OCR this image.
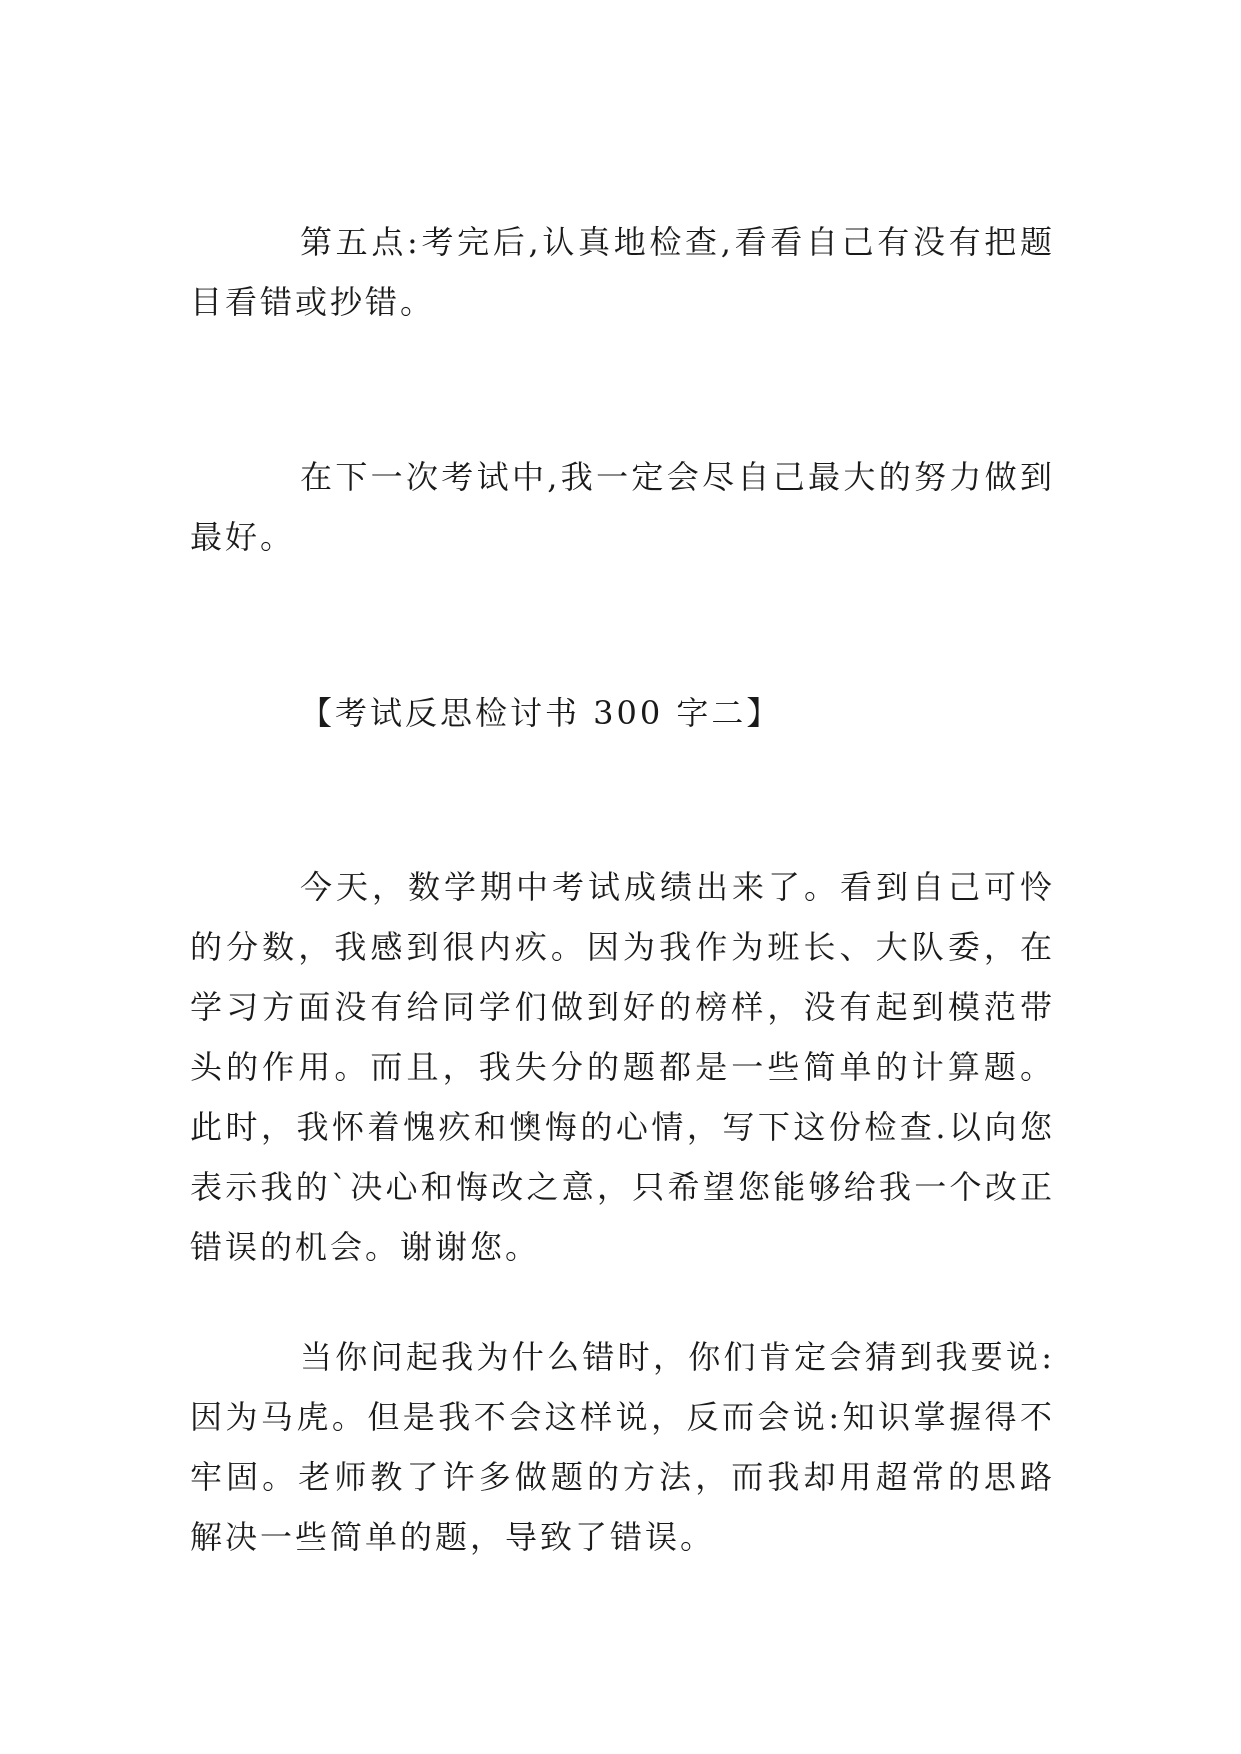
第五点:考完后,认真地检查,看看自己有没有把题目看错或抄错。

在下一次考试中,我一定会尽自己最大的努力做到最好。

【考试反思检讨书 300 字二】

今天，数学期中考试成绩出来了。看到自己可怜的分数，我感到很内疚。因为我作为班长、大队委，在学习方面没有给同学们做到好的榜样，没有起到模范带头的作用。而且，我失分的题都是一些简单的计算题。此时，我怀着愧疚和懊悔的心情，写下这份检查.以向您表示我的`决心和悔改之意，只希望您能够给我一个改正错误的机会。谢谢您。

当你问起我为什么错时，你们肯定会猜到我要说:因为马虎。但是我不会这样说，反而会说:知识掌握得不牢固。老师教了许多做题的方法，而我却用超常的思路解决一些简单的题，导致了错误。
